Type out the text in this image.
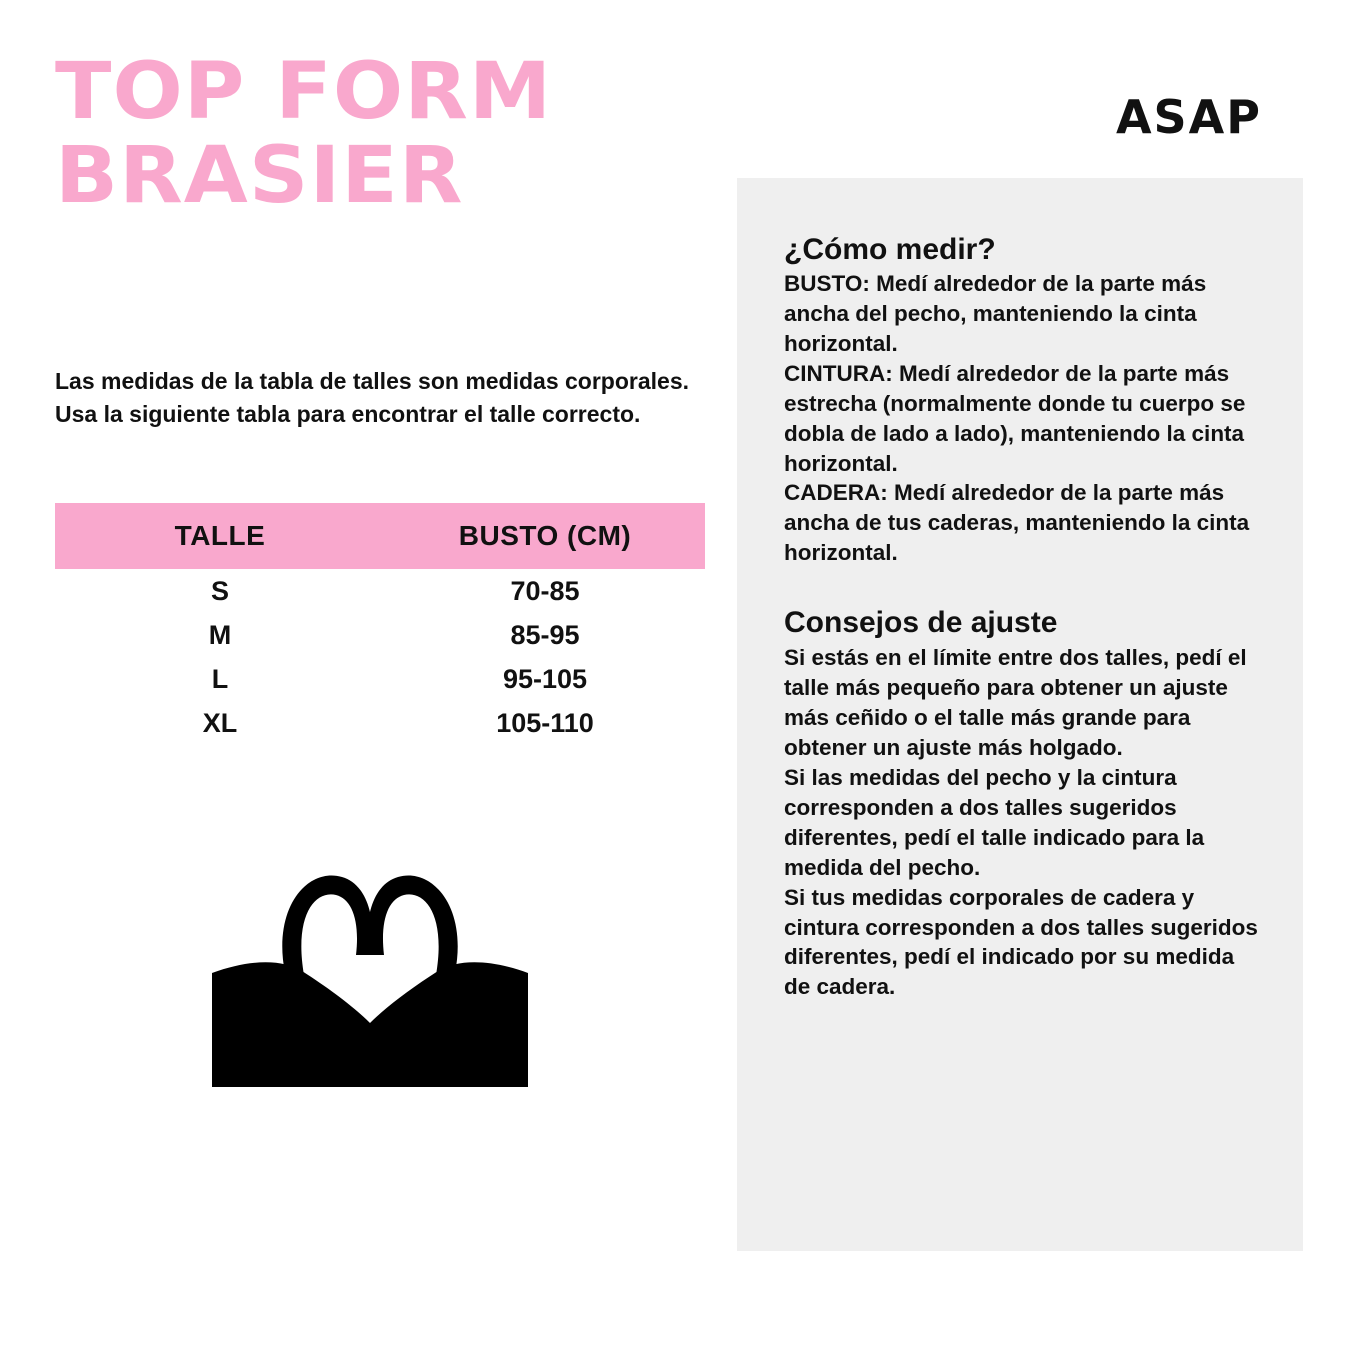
TOP FORM
BRASIER
Las medidas de la tabla de talles son medidas corporales. Usa la siguiente tabla para encontrar el talle correcto.
TALLE	BUSTO (CM)
S	70-85
M	85-95
L	95-105
XL	105-110
ASAP
¿Cómo medir?

BUSTO: Medí alrededor de la parte más ancha del pecho, manteniendo la cinta horizontal.

CINTURA: Medí alrededor de la parte más estrecha (normalmente donde tu cuerpo se dobla de lado a lado), manteniendo la cinta horizontal.

CADERA: Medí alrededor de la parte más ancha de tus caderas, manteniendo la cinta horizontal.

Consejos de ajuste

Si estás en el límite entre dos talles, pedí el talle más pequeño para obtener un ajuste más ceñido o el talle más grande para obtener un ajuste más holgado.

Si las medidas del pecho y la cintura corresponden a dos talles sugeridos diferentes, pedí el talle indicado para la medida del pecho.

Si tus medidas corporales de cadera y cintura corresponden a dos talles sugeridos diferentes, pedí el indicado por su medida de cadera.
